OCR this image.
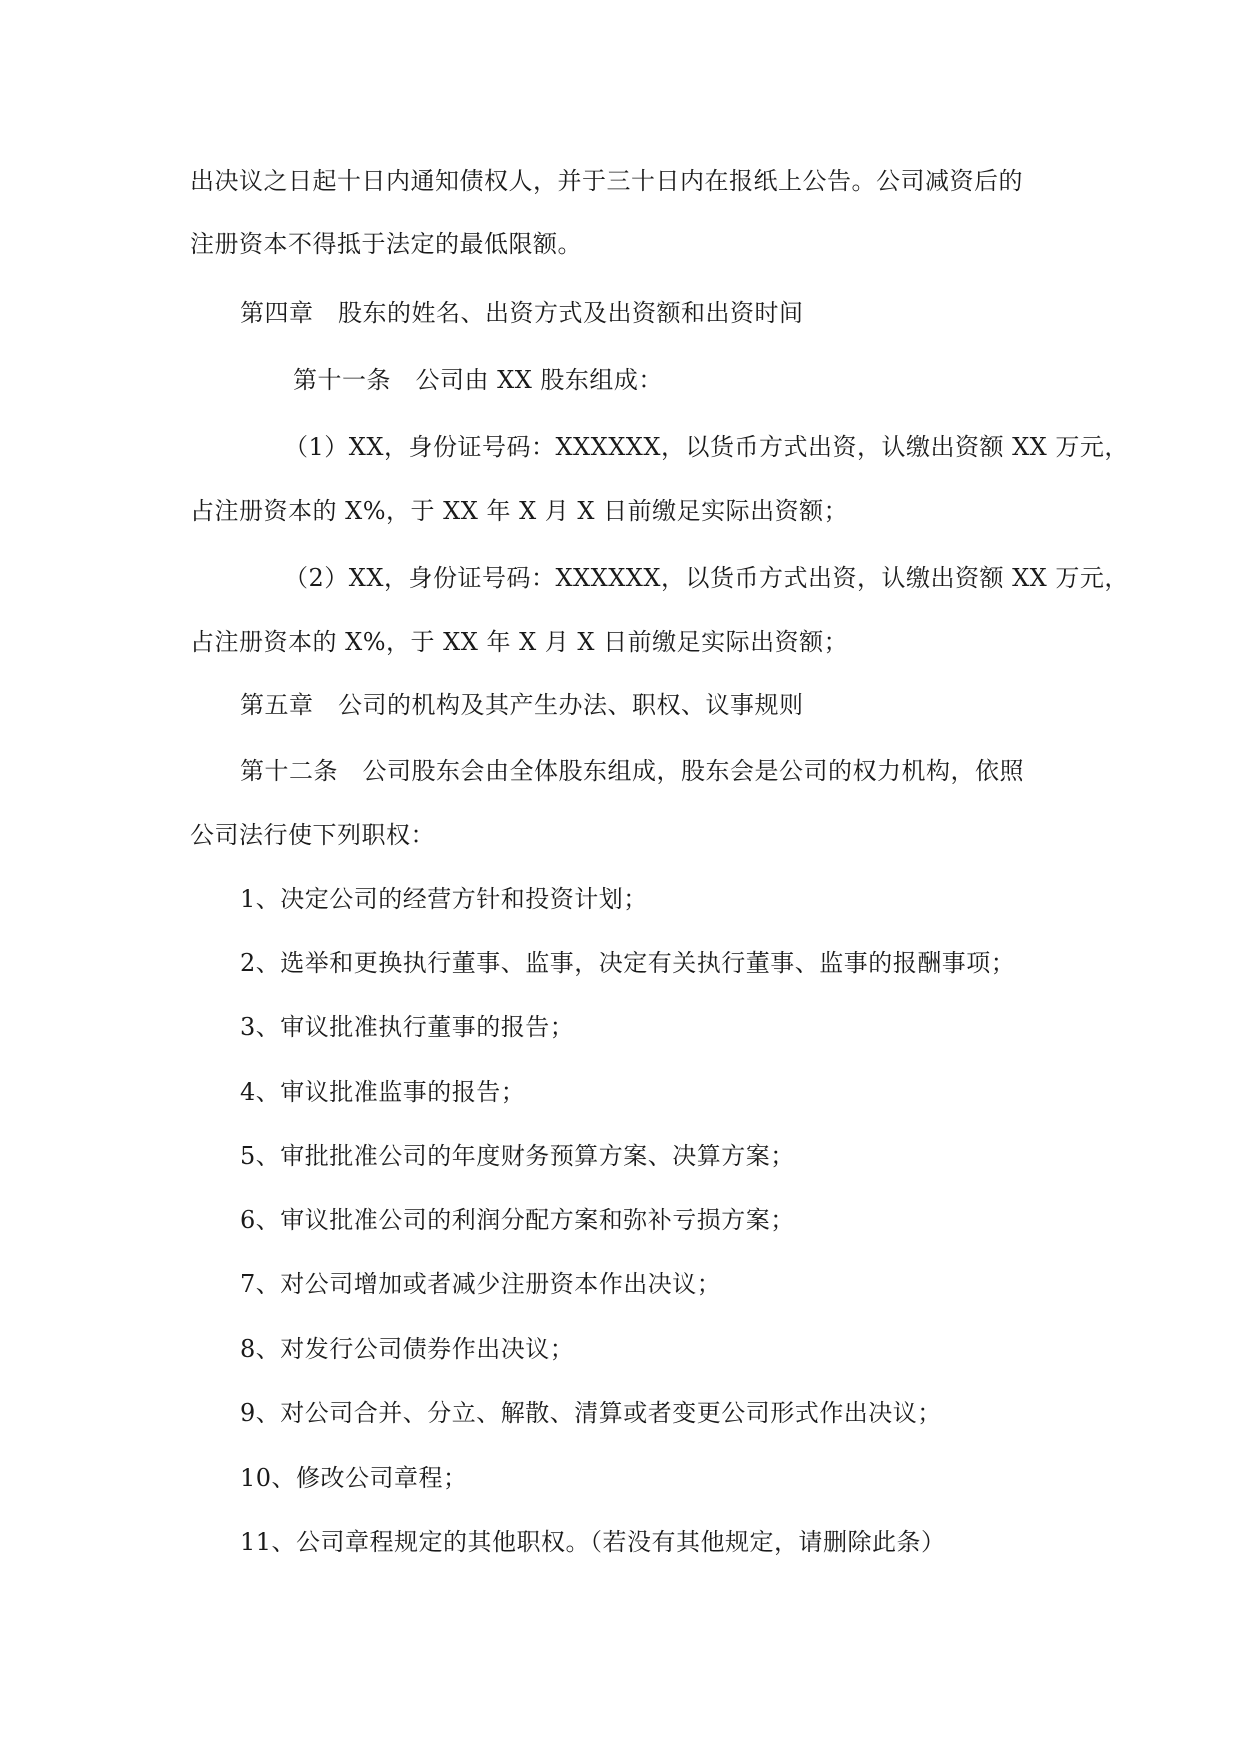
出决议之日起十日内通知债权人，并于三十日内在报纸上公告。公司减资后的
注册资本不得抵于法定的最低限额。
第四章　股东的姓名、出资方式及出资额和出资时间
第十一条　公司由 XX 股东组成：
（1）XX，身份证号码：XXXXXX，以货币方式出资，认缴出资额 XX 万元，
占注册资本的 X%，于 XX 年 X 月 X 日前缴足实际出资额；
（2）XX，身份证号码：XXXXXX，以货币方式出资，认缴出资额 XX 万元，
占注册资本的 X%，于 XX 年 X 月 X 日前缴足实际出资额；
第五章　公司的机构及其产生办法、职权、议事规则
第十二条　公司股东会由全体股东组成，股东会是公司的权力机构，依照
公司法行使下列职权：
1、决定公司的经营方针和投资计划；
2、选举和更换执行董事、监事，决定有关执行董事、监事的报酬事项；
3、审议批准执行董事的报告；
4、审议批准监事的报告；
5、审批批准公司的年度财务预算方案、决算方案；
6、审议批准公司的利润分配方案和弥补亏损方案；
7、对公司增加或者减少注册资本作出决议；
8、对发行公司债券作出决议；
9、对公司合并、分立、解散、清算或者变更公司形式作出决议；
10、修改公司章程；
11、公司章程规定的其他职权。（若没有其他规定，请删除此条）
